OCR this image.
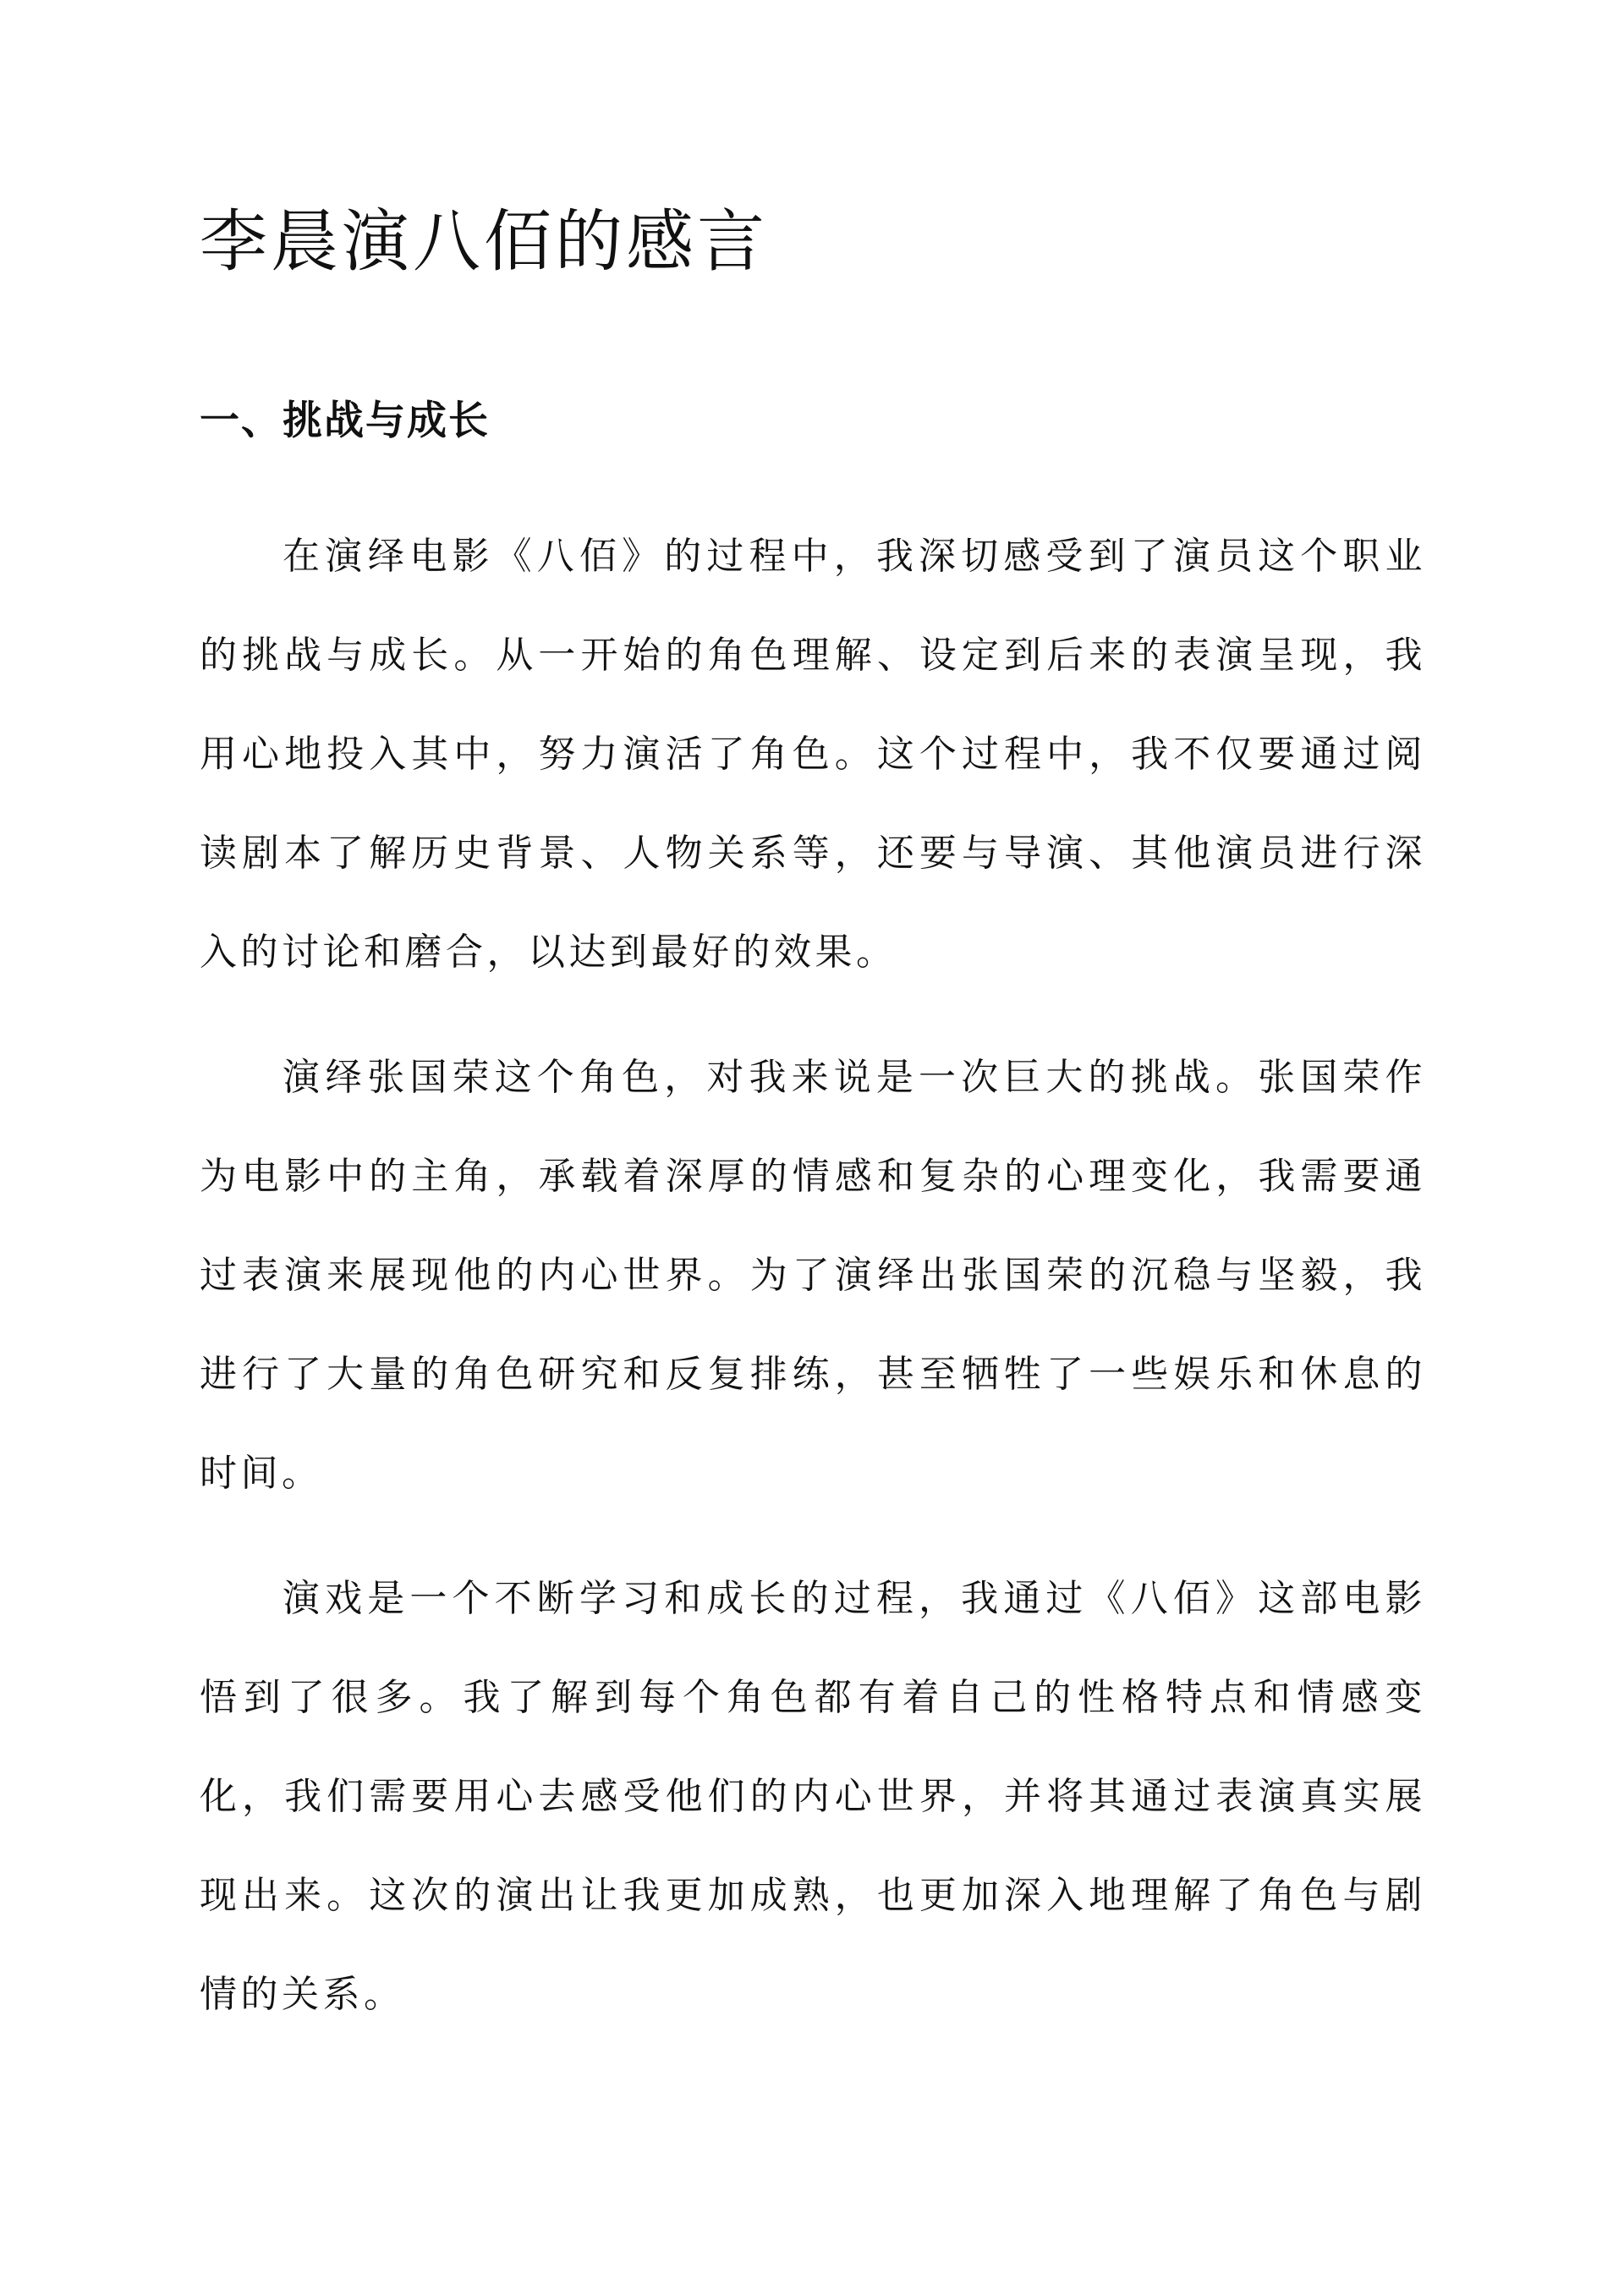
李晨演八佰的感言
一、挑战与成长

在演绎电影《八佰》的过程中，我深切感受到了演员这个职业的挑战与成长。从一开始的角色理解、设定到后来的表演呈现，我用心地投入其中，努力演活了角色。这个过程中，我不仅要通过阅读剧本了解历史背景、人物关系等，还要与导演、其他演员进行深入的讨论和磨合，以达到最好的效果。

演绎张国荣这个角色，对我来说是一次巨大的挑战。张国荣作为电影中的主角，承载着深厚的情感和复杂的心理变化，我需要通过表演来展现他的内心世界。为了演绎出张国荣的沉稳与坚毅，我进行了大量的角色研究和反复排练，甚至牺牲了一些娱乐和休息的时间。

演戏是一个不断学习和成长的过程，我通过《八佰》这部电影悟到了很多。我了解到每个角色都有着自己的性格特点和情感变化，我们需要用心去感受他们的内心世界，并将其通过表演真实展现出来。这次的演出让我更加成熟，也更加深入地理解了角色与剧情的关系。
